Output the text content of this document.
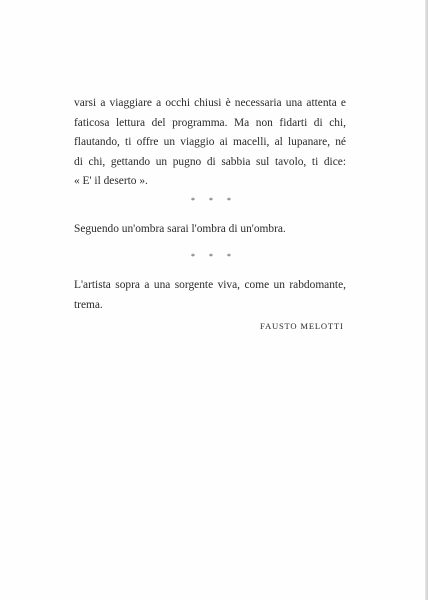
varsi a viaggiare a occhi chiusi è necessaria una attenta e
faticosa lettura del programma. Ma non fidarti di chi,
flautando, ti offre un viaggio ai macelli, al lupanare, né
di chi, gettando un pugno di sabbia sul tavolo, ti dice:
« E' il deserto ».

* * *

Seguendo un'ombra sarai l'ombra di un'ombra.

* * *

L'artista sopra a una sorgente viva, come un rabdomante,
trema.

FAUSTO MELOTTI
